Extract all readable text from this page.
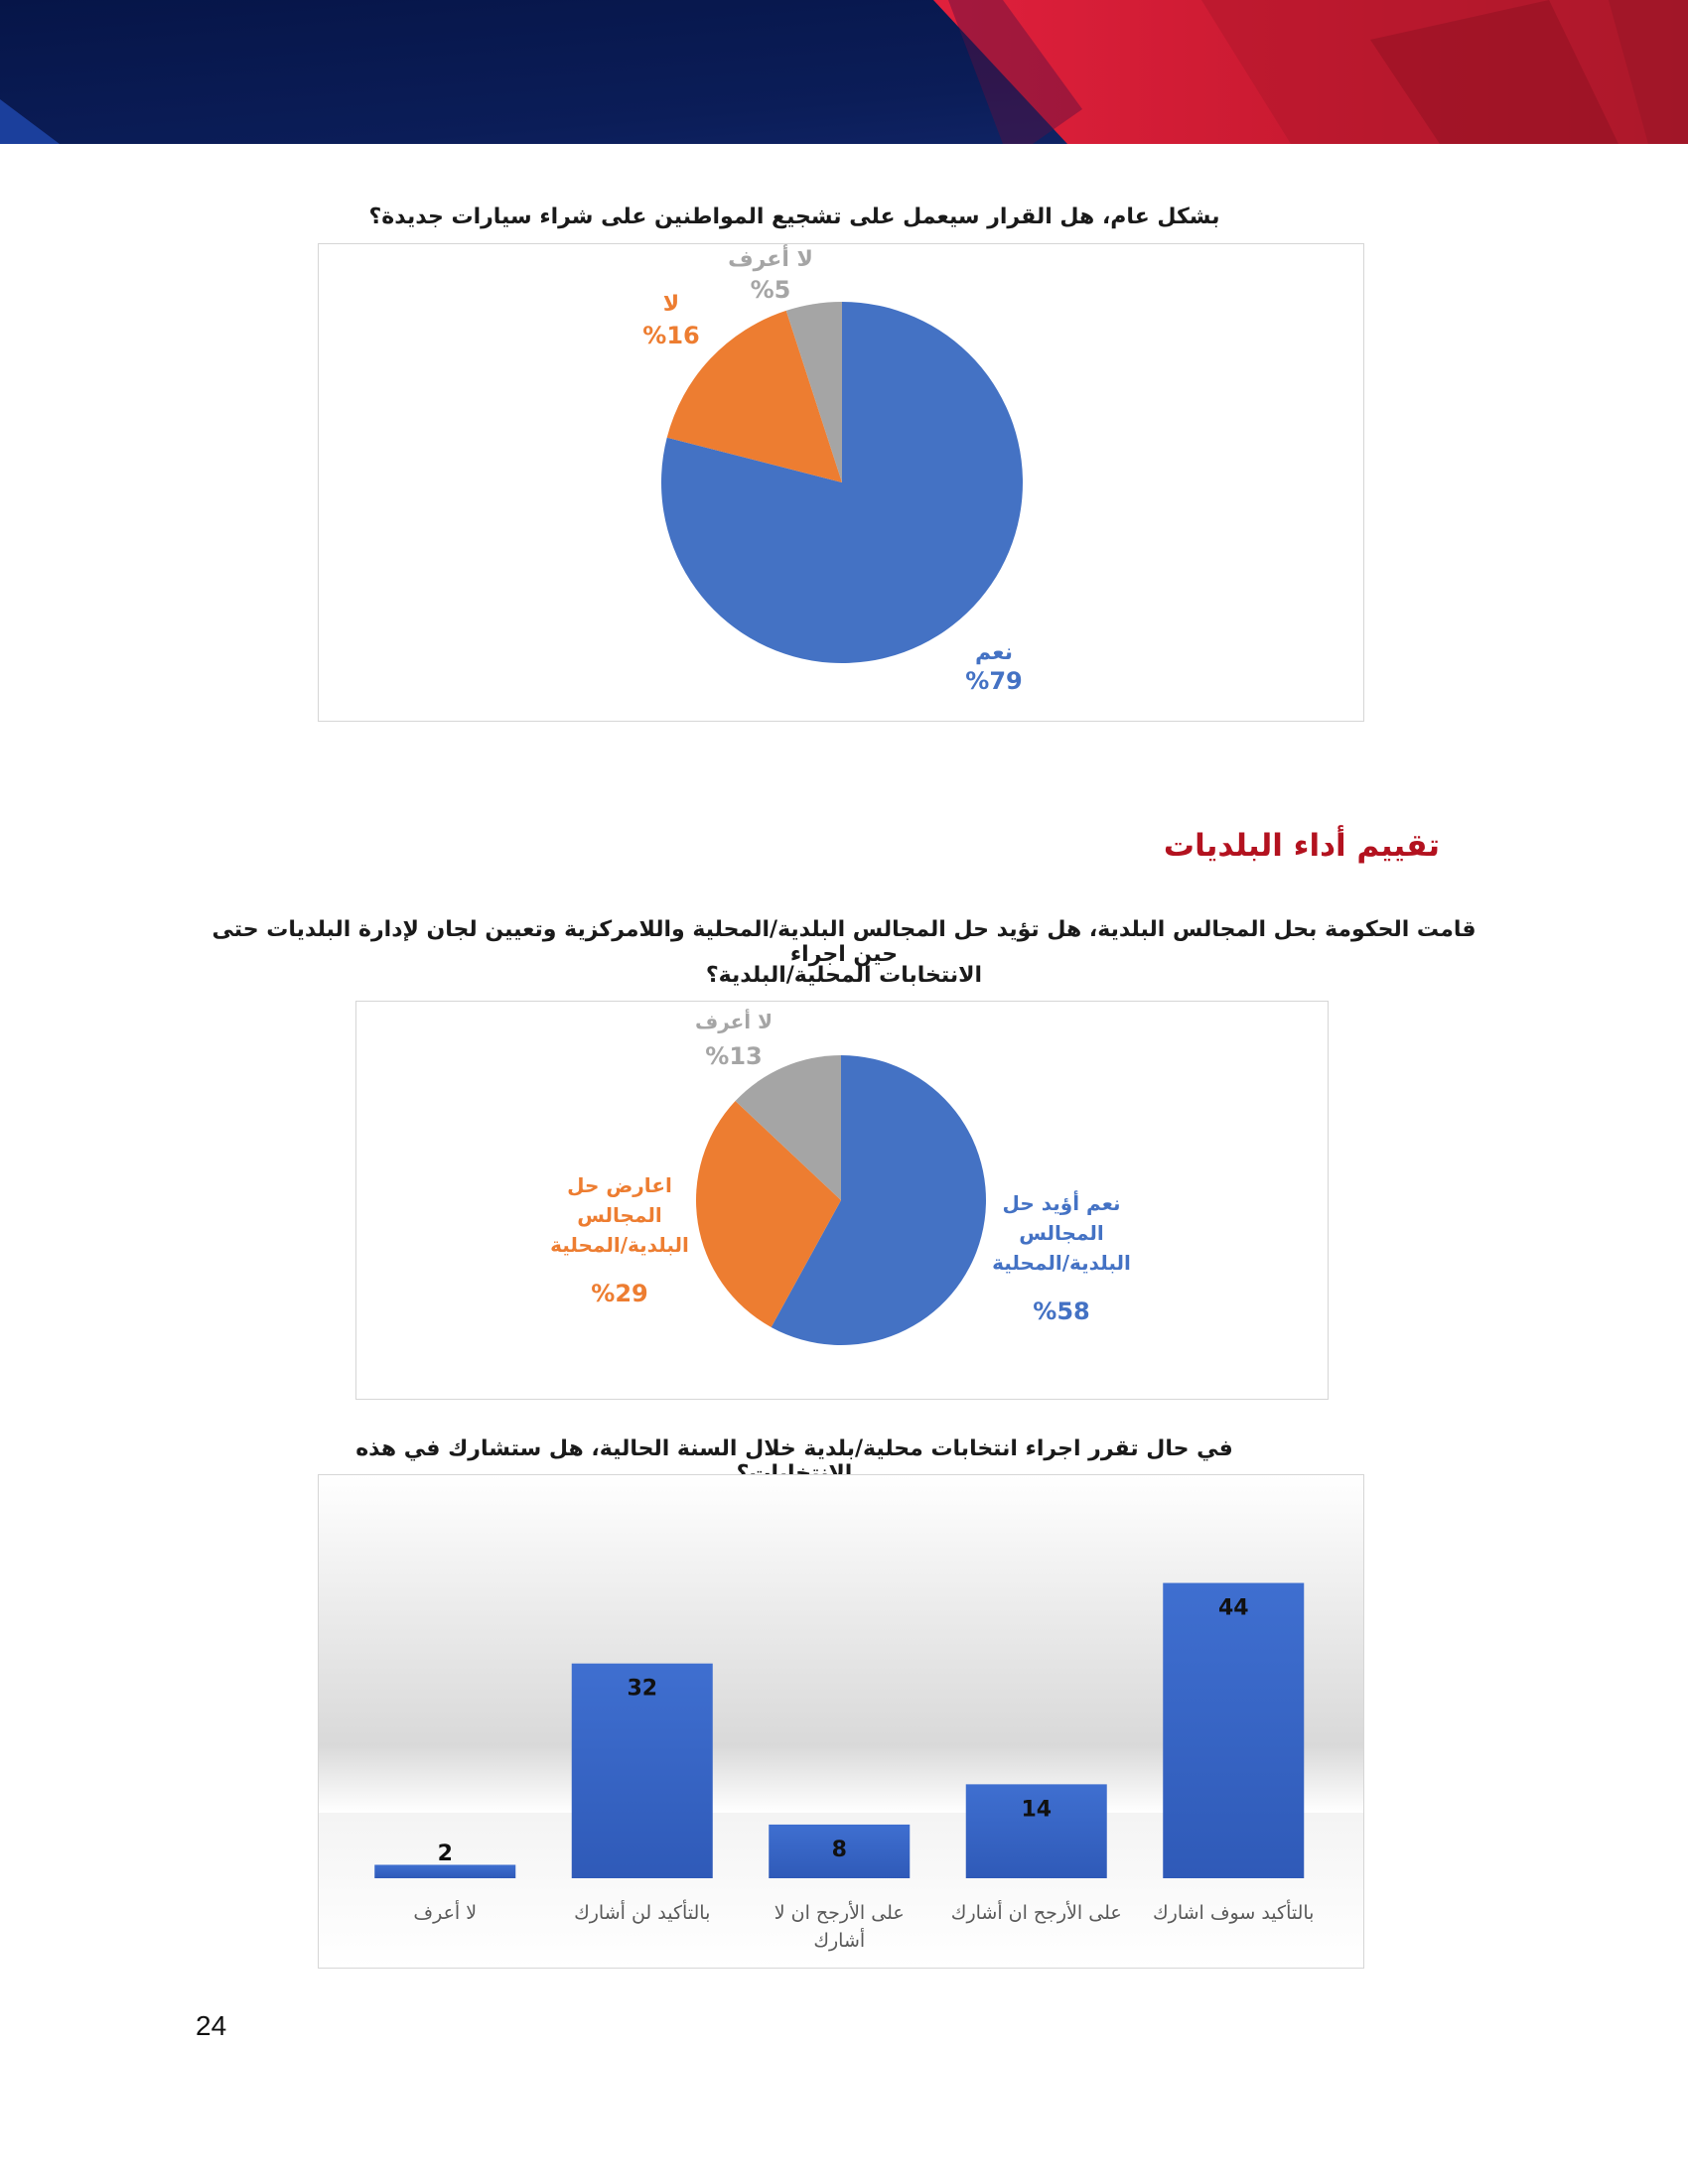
بشكل عام، هل القرار سيعمل على تشجيع المواطنين على شراء سيارات جديدة؟
نعم
%79
لا
%16
لا أعرف
%5
تقييم أداء البلديات
قامت الحكومة بحل المجالس البلدية، هل تؤيد حل المجالس البلدية/المحلية واللامركزية وتعيين لجان لإدارة البلديات حتى حين اجراء
الانتخابات المحلية/البلدية؟
نعم أؤيد حل
المجالس
البلدية/المحلية
%58
اعارض حل
المجالس
البلدية/المحلية
%29
لا أعرف
%13
في حال تقرر اجراء انتخابات محلية/بلدية خلال السنة الحالية، هل ستشارك في هذه
2
لا أعرف
32
بالتأكيد لن أشارك
8
على الأرجح ان لا
أشارك
14
على الأرجح ان أشارك
44
بالتأكيد سوف اشارك
24
